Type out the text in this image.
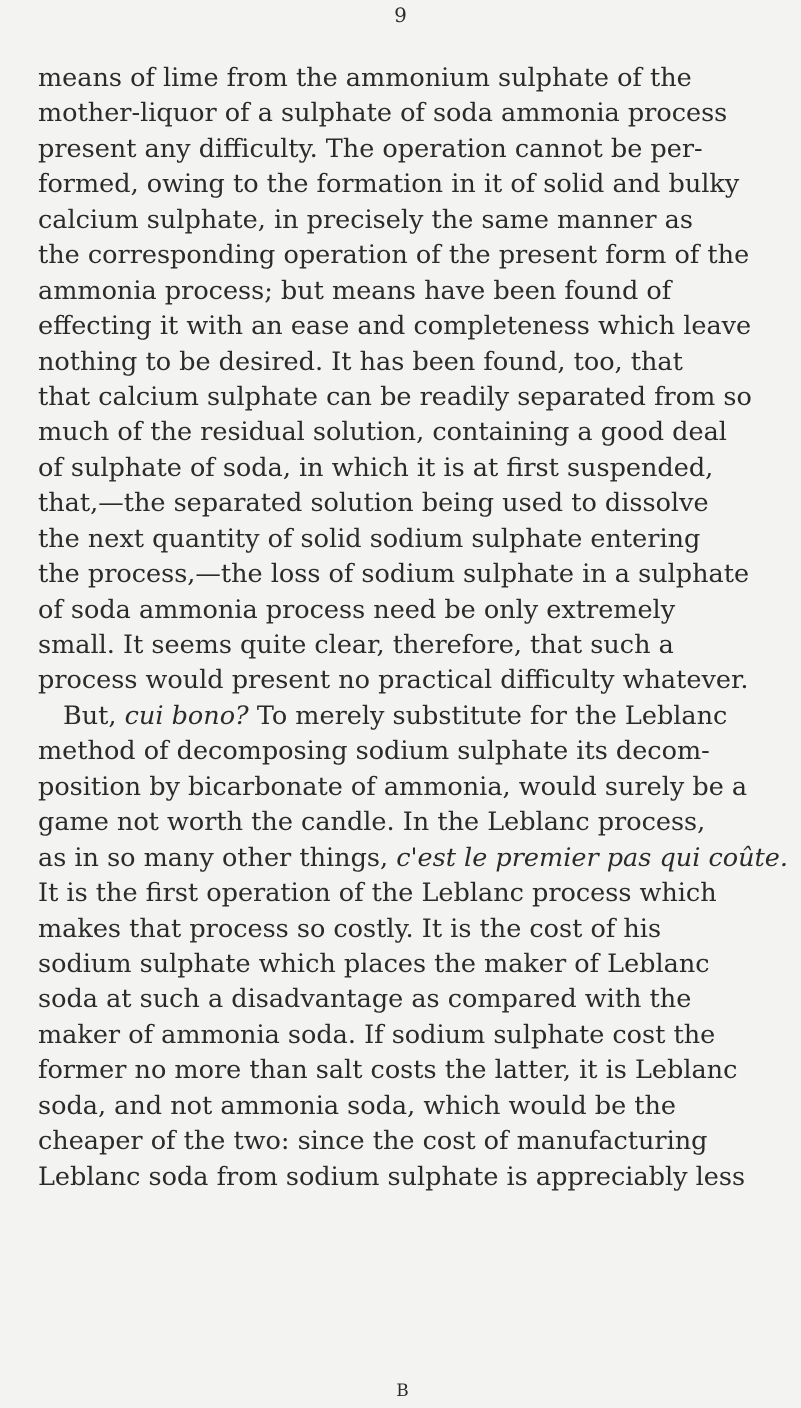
9
means of lime from the ammonium sulphate of the
mother-liquor of a sulphate of soda ammonia process
present any difficulty. The operation cannot be per-
formed, owing to the formation in it of solid and bulky
calcium sulphate, in precisely the same manner as
the corresponding operation of the present form of the
ammonia process; but means have been found of
effecting it with an ease and completeness which leave
nothing to be desired. It has been found, too, that
that calcium sulphate can be readily separated from so
much of the residual solution, containing a good deal
of sulphate of soda, in which it is at first suspended,
that,—the separated solution being used to dissolve
the next quantity of solid sodium sulphate entering
the process,—the loss of sodium sulphate in a sulphate
of soda ammonia process need be only extremely
small. It seems quite clear, therefore, that such a
process would present no practical difficulty whatever.
But, cui bono? To merely substitute for the Leblanc
method of decomposing sodium sulphate its decom-
position by bicarbonate of ammonia, would surely be a
game not worth the candle. In the Leblanc process,
as in so many other things, c'est le premier pas qui coûte.
It is the first operation of the Leblanc process which
makes that process so costly. It is the cost of his
sodium sulphate which places the maker of Leblanc
soda at such a disadvantage as compared with the
maker of ammonia soda. If sodium sulphate cost the
former no more than salt costs the latter, it is Leblanc
soda, and not ammonia soda, which would be the
cheaper of the two: since the cost of manufacturing
Leblanc soda from sodium sulphate is appreciably less
B
